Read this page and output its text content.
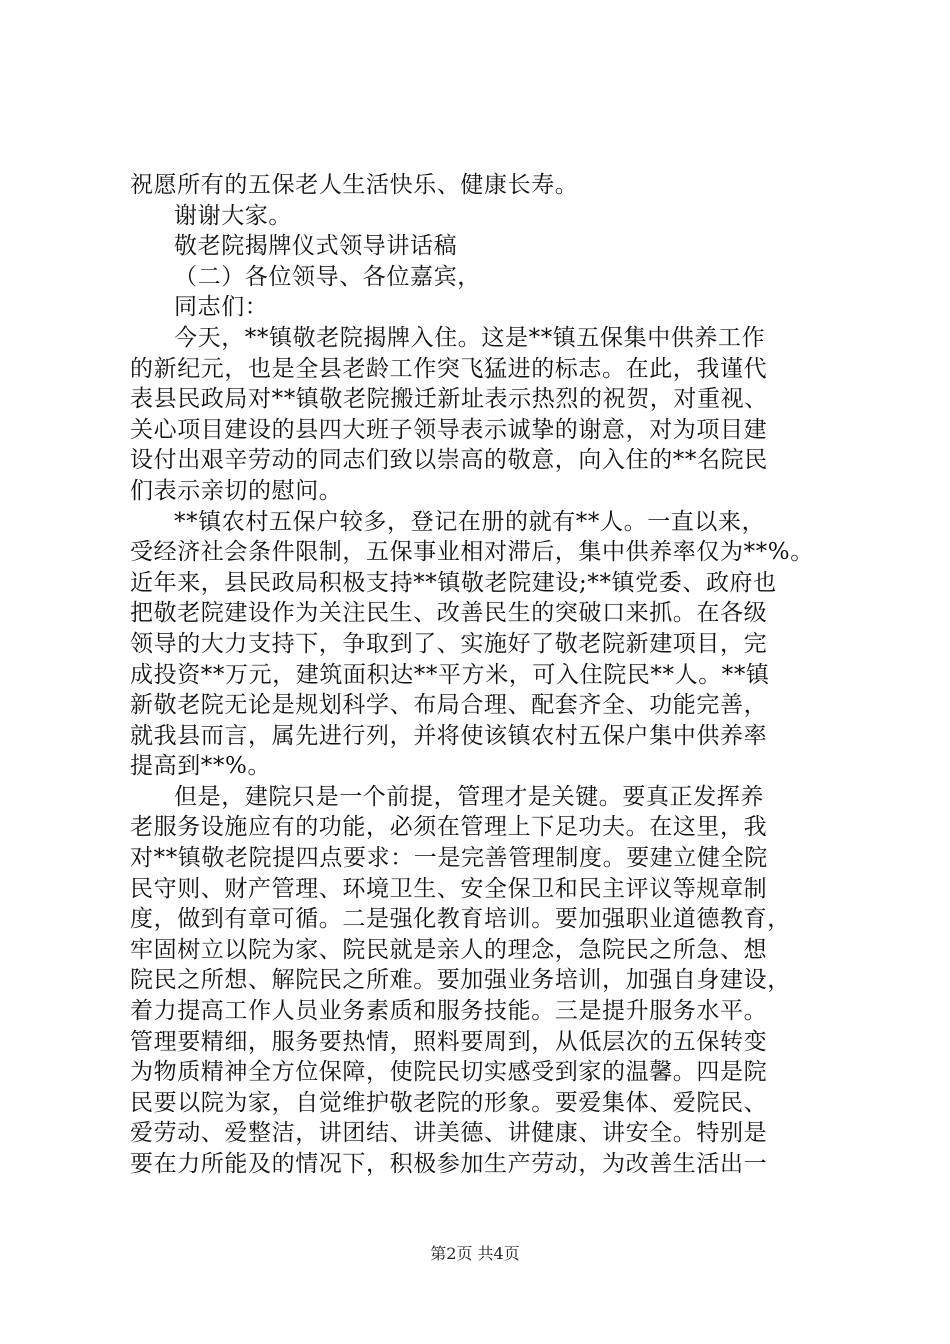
祝愿所有的五保老人生活快乐、健康长寿。
谢谢大家。
敬老院揭牌仪式领导讲话稿
（二）各位领导、各位嘉宾，
同志们：
今天，**镇敬老院揭牌入住。这是**镇五保集中供养工作
的新纪元，也是全县老龄工作突飞猛进的标志。在此，我谨代
表县民政局对**镇敬老院搬迁新址表示热烈的祝贺，对重视、
关心项目建设的县四大班子领导表示诚挚的谢意，对为项目建
设付出艰辛劳动的同志们致以崇高的敬意，向入住的**名院民
们表示亲切的慰问。
**镇农村五保户较多，登记在册的就有**人。一直以来，
受经济社会条件限制，五保事业相对滞后，集中供养率仅为**%。
近年来，县民政局积极支持**镇敬老院建设;**镇党委、政府也
把敬老院建设作为关注民生、改善民生的突破口来抓。在各级
领导的大力支持下，争取到了、实施好了敬老院新建项目，完
成投资**万元，建筑面积达**平方米，可入住院民**人。**镇
新敬老院无论是规划科学、布局合理、配套齐全、功能完善，
就我县而言，属先进行列，并将使该镇农村五保户集中供养率
提高到**%。
但是，建院只是一个前提，管理才是关键。要真正发挥养
老服务设施应有的功能，必须在管理上下足功夫。在这里，我
对**镇敬老院提四点要求：一是完善管理制度。要建立健全院
民守则、财产管理、环境卫生、安全保卫和民主评议等规章制
度，做到有章可循。二是强化教育培训。要加强职业道德教育，
牢固树立以院为家、院民就是亲人的理念，急院民之所急、想
院民之所想、解院民之所难。要加强业务培训，加强自身建设，
着力提高工作人员业务素质和服务技能。三是提升服务水平。
管理要精细，服务要热情，照料要周到，从低层次的五保转变
为物质精神全方位保障，使院民切实感受到家的温馨。四是院
民要以院为家，自觉维护敬老院的形象。要爱集体、爱院民、
爱劳动、爱整洁，讲团结、讲美德、讲健康、讲安全。特别是
要在力所能及的情况下，积极参加生产劳动，为改善生活出一
第2页 共4页
